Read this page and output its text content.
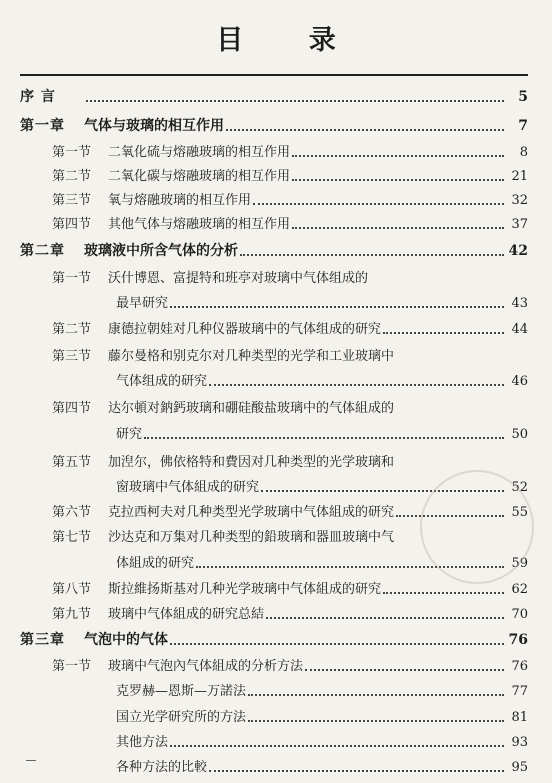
目 录
序 言	5
第一章	气体与玻璃的相互作用	7
第一节	二氧化硫与熔融玻璃的相互作用	8
第二节	二氧化碳与熔融玻璃的相互作用	21
第三节	氧与熔融玻璃的相互作用	32
第四节	其他气体与熔融玻璃的相互作用	37
第二章	玻璃液中所含气体的分析	42
第一节	沃什博恩、富提特和班亭对玻璃中气体组成的
最早研究	43
第二节	康德拉朝娃对几种仪器玻璃中的气体组成的研究	44
第三节	藤尔曼格和别克尔对几种类型的光学和工业玻璃中
气体组成的研究	46
第四节	达尔頓对鈉鈣玻璃和硼硅酸盐玻璃中的气体組成的
研究	50
第五节	加湼尔，佛依格特和費因对几种类型的光学玻璃和
窗玻璃中气体組成的研究	52
第六节	克拉西柯夫对几种类型光学玻璃中气体組成的研究	55
第七节	沙达克和万集对几种类型的鉛玻璃和器皿玻璃中气
体組成的研究	59
第八节	斯拉維扬斯基对几种光学玻璃中气体組成的研究	62
第九节	玻璃中气体組成的研究总結	70
第三章	气泡中的气体	76
第一节	玻璃中气泡內气体組成的分析方法	76
克罗赫—恩斯—万諾法	77
国立光学研究所的方法	81
其他方法	93
各种方法的比較	95
